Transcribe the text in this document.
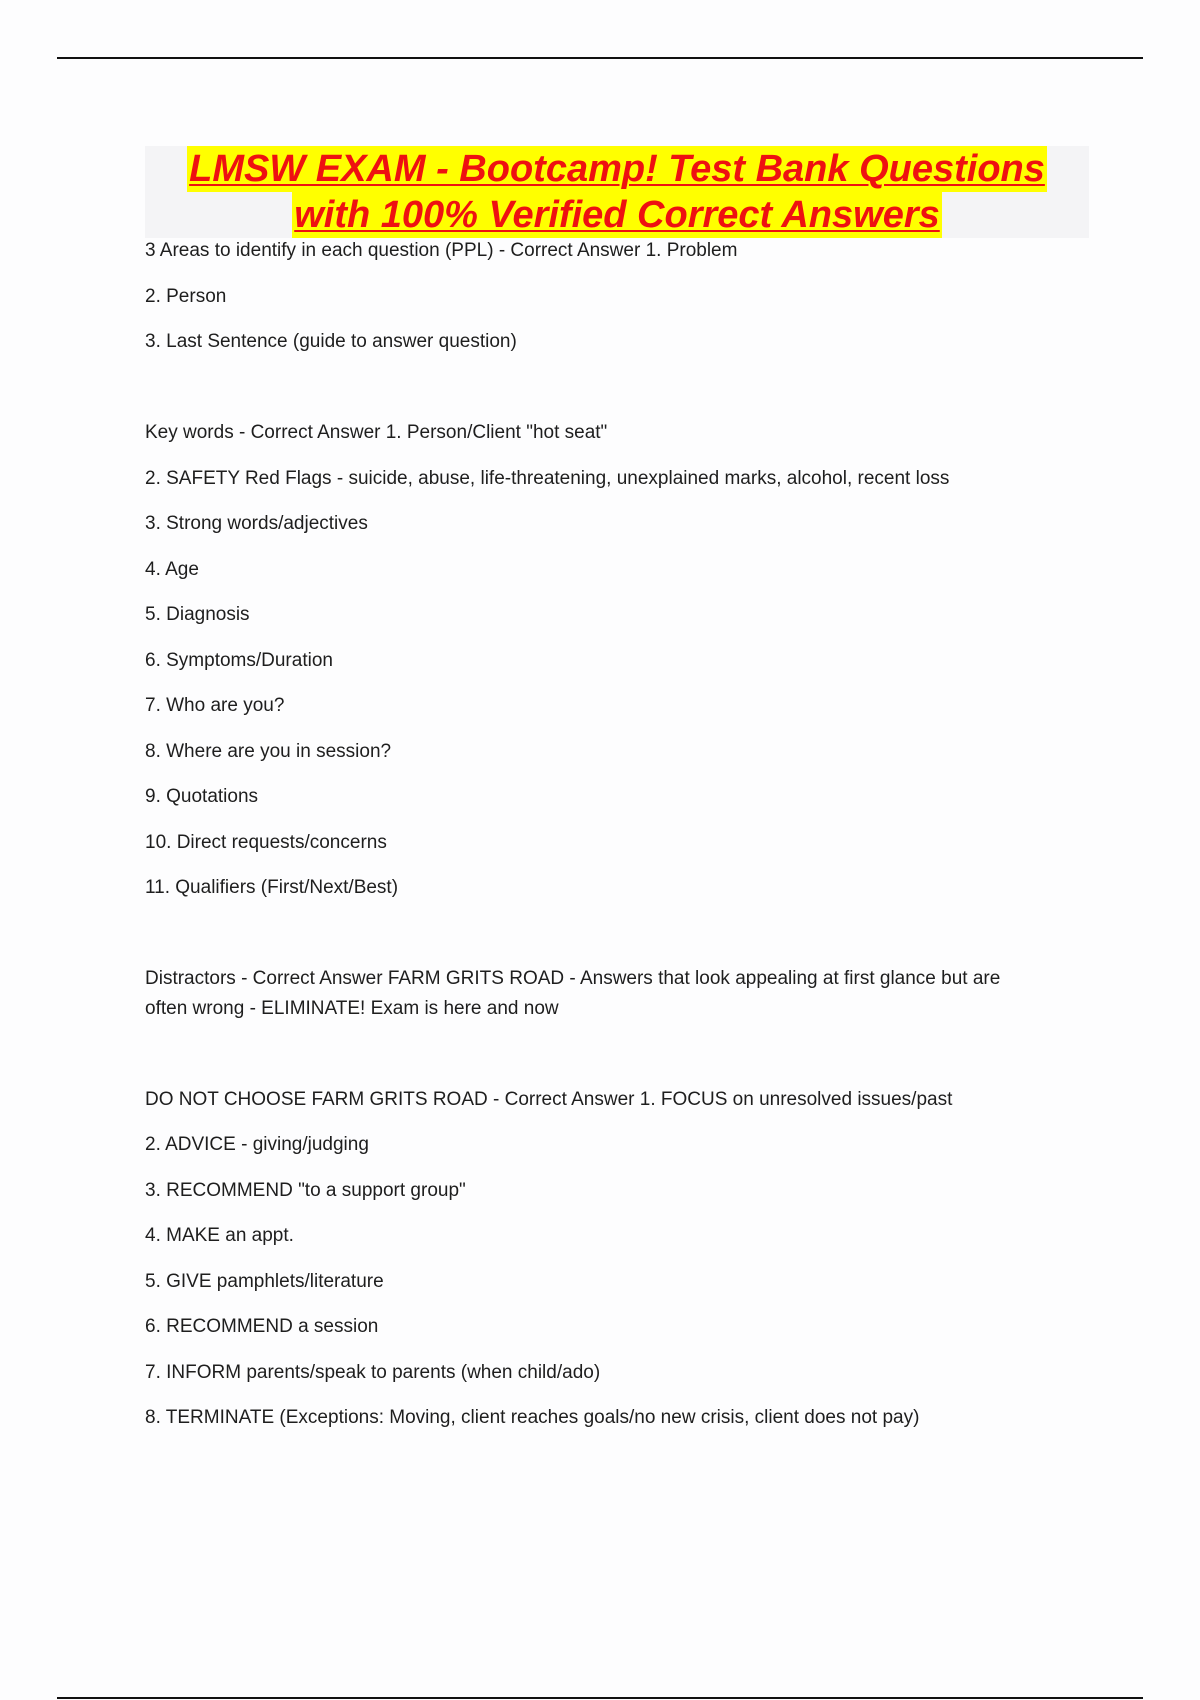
LMSW EXAM - Bootcamp! Test Bank Questions
with 100% Verified Correct Answers

3 Areas to identify in each question (PPL) - Correct Answer 1. Problem

2. Person

3. Last Sentence (guide to answer question)

Key words - Correct Answer 1. Person/Client "hot seat"

2. SAFETY Red Flags - suicide, abuse, life-threatening, unexplained marks, alcohol, recent loss

3. Strong words/adjectives

4. Age

5. Diagnosis

6. Symptoms/Duration

7. Who are you?

8. Where are you in session?

9. Quotations

10. Direct requests/concerns

11. Qualifiers (First/Next/Best)

Distractors - Correct Answer FARM GRITS ROAD - Answers that look appealing at first glance but are

often wrong - ELIMINATE! Exam is here and now

DO NOT CHOOSE FARM GRITS ROAD - Correct Answer 1. FOCUS on unresolved issues/past

2. ADVICE - giving/judging

3. RECOMMEND "to a support group"

4. MAKE an appt.

5. GIVE pamphlets/literature

6. RECOMMEND a session

7. INFORM parents/speak to parents (when child/ado)

8. TERMINATE (Exceptions: Moving, client reaches goals/no new crisis, client does not pay)
